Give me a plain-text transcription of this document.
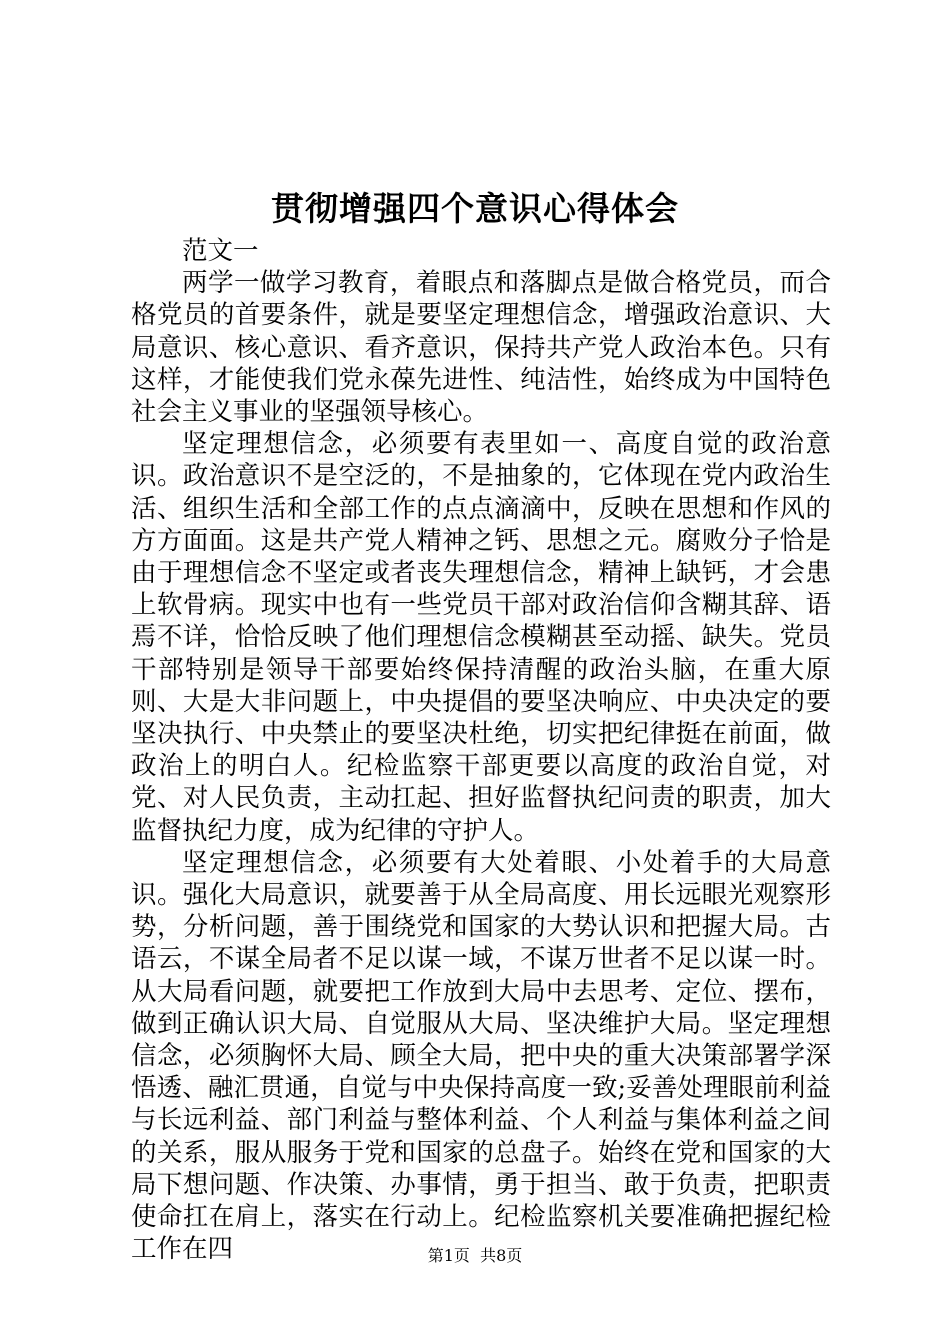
贯彻增强四个意识心得体会

范文一

两学一做学习教育，着眼点和落脚点是做合格党员，而合格党员的首要条件，就是要坚定理想信念，增强政治意识、大局意识、核心意识、看齐意识，保持共产党人政治本色。只有这样，才能使我们党永葆先进性、纯洁性，始终成为中国特色社会主义事业的坚强领导核心。

坚定理想信念，必须要有表里如一、高度自觉的政治意识。政治意识不是空泛的，不是抽象的，它体现在党内政治生活、组织生活和全部工作的点点滴滴中，反映在思想和作风的方方面面。这是共产党人精神之钙、思想之元。腐败分子恰是由于理想信念不坚定或者丧失理想信念，精神上缺钙，才会患上软骨病。现实中也有一些党员干部对政治信仰含糊其辞、语焉不详，恰恰反映了他们理想信念模糊甚至动摇、缺失。党员干部特别是领导干部要始终保持清醒的政治头脑，在重大原则、大是大非问题上，中央提倡的要坚决响应、中央决定的要坚决执行、中央禁止的要坚决杜绝，切实把纪律挺在前面，做政治上的明白人。纪检监察干部更要以高度的政治自觉，对党、对人民负责，主动扛起、担好监督执纪问责的职责，加大监督执纪力度，成为纪律的守护人。

坚定理想信念，必须要有大处着眼、小处着手的大局意识。强化大局意识，就要善于从全局高度、用长远眼光观察形势，分析问题，善于围绕党和国家的大势认识和把握大局。古语云，不谋全局者不足以谋一域，不谋万世者不足以谋一时。从大局看问题，就要把工作放到大局中去思考、定位、摆布，做到正确认识大局、自觉服从大局、坚决维护大局。坚定理想信念，必须胸怀大局、顾全大局，把中央的重大决策部署学深悟透、融汇贯通，自觉与中央保持高度一致;妥善处理眼前利益与长远利益、部门利益与整体利益、个人利益与集体利益之间的关系，服从服务于党和国家的总盘子。始终在党和国家的大局下想问题、作决策、办事情，勇于担当、敢于负责，把职责使命扛在肩上，落实在行动上。纪检监察机关要准确把握纪检工作在四	第1页 共8页
